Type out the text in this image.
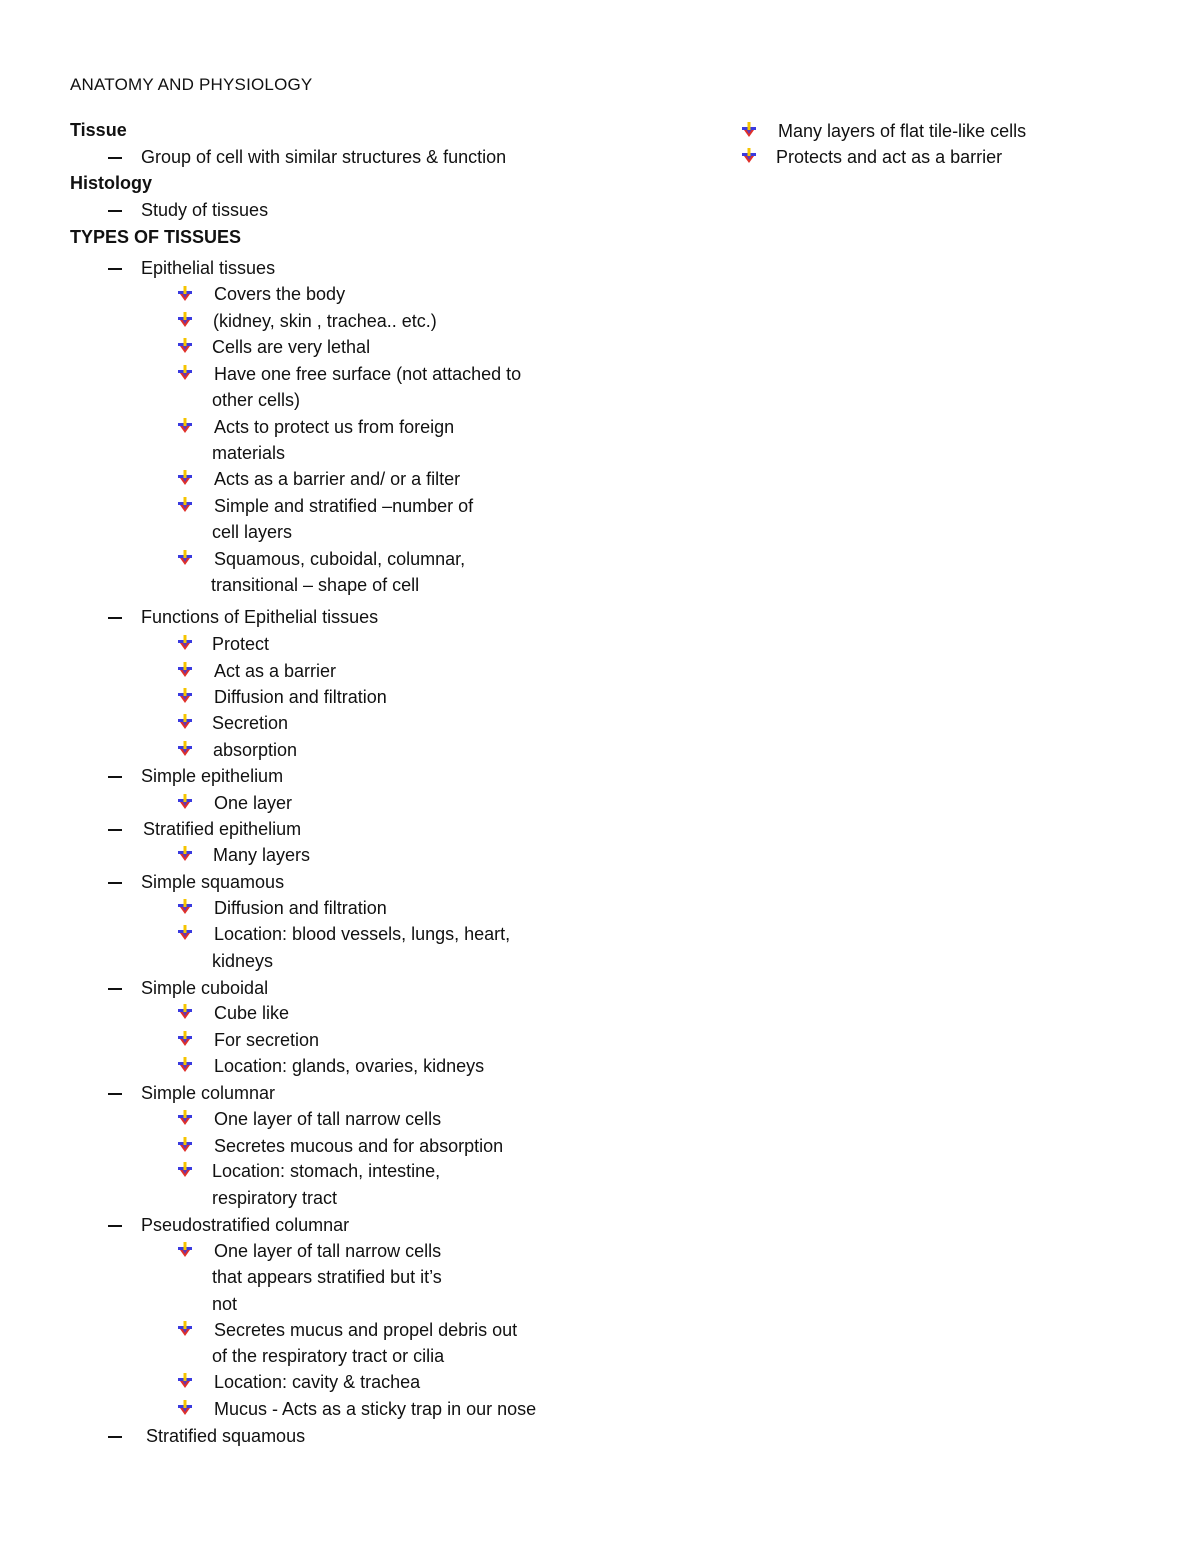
ANATOMY AND PHYSIOLOGY
Tissue
Group of cell with similar structures & function
Histology
Study of tissues
TYPES OF TISSUES
Epithelial tissues
Covers the body
(kidney, skin , trachea.. etc.)
Cells are very lethal
Have one free surface (not attached to
other cells)
Acts to protect us from foreign
materials
Acts as a barrier and/ or a filter
Simple and stratified –number of
cell layers
Squamous, cuboidal, columnar,
transitional – shape of cell
Functions of Epithelial tissues
Protect
Act as a barrier
Diffusion and filtration
Secretion
absorption
Simple epithelium
One layer
Stratified epithelium
Many layers
Simple squamous
Diffusion and filtration
Location: blood vessels, lungs, heart,
kidneys
Simple cuboidal
Cube like
For secretion
Location: glands, ovaries, kidneys
Simple columnar
One layer of tall narrow cells
Secretes mucous and for absorption
Location: stomach, intestine,
respiratory tract
Pseudostratified columnar
One layer of tall narrow cells
that appears stratified but it’s
not
Secretes mucus and propel debris out
of the respiratory tract or cilia
Location: cavity & trachea
Mucus - Acts as a sticky trap in our nose
Stratified squamous
Many layers of flat tile-like cells
Protects and act as a barrier
